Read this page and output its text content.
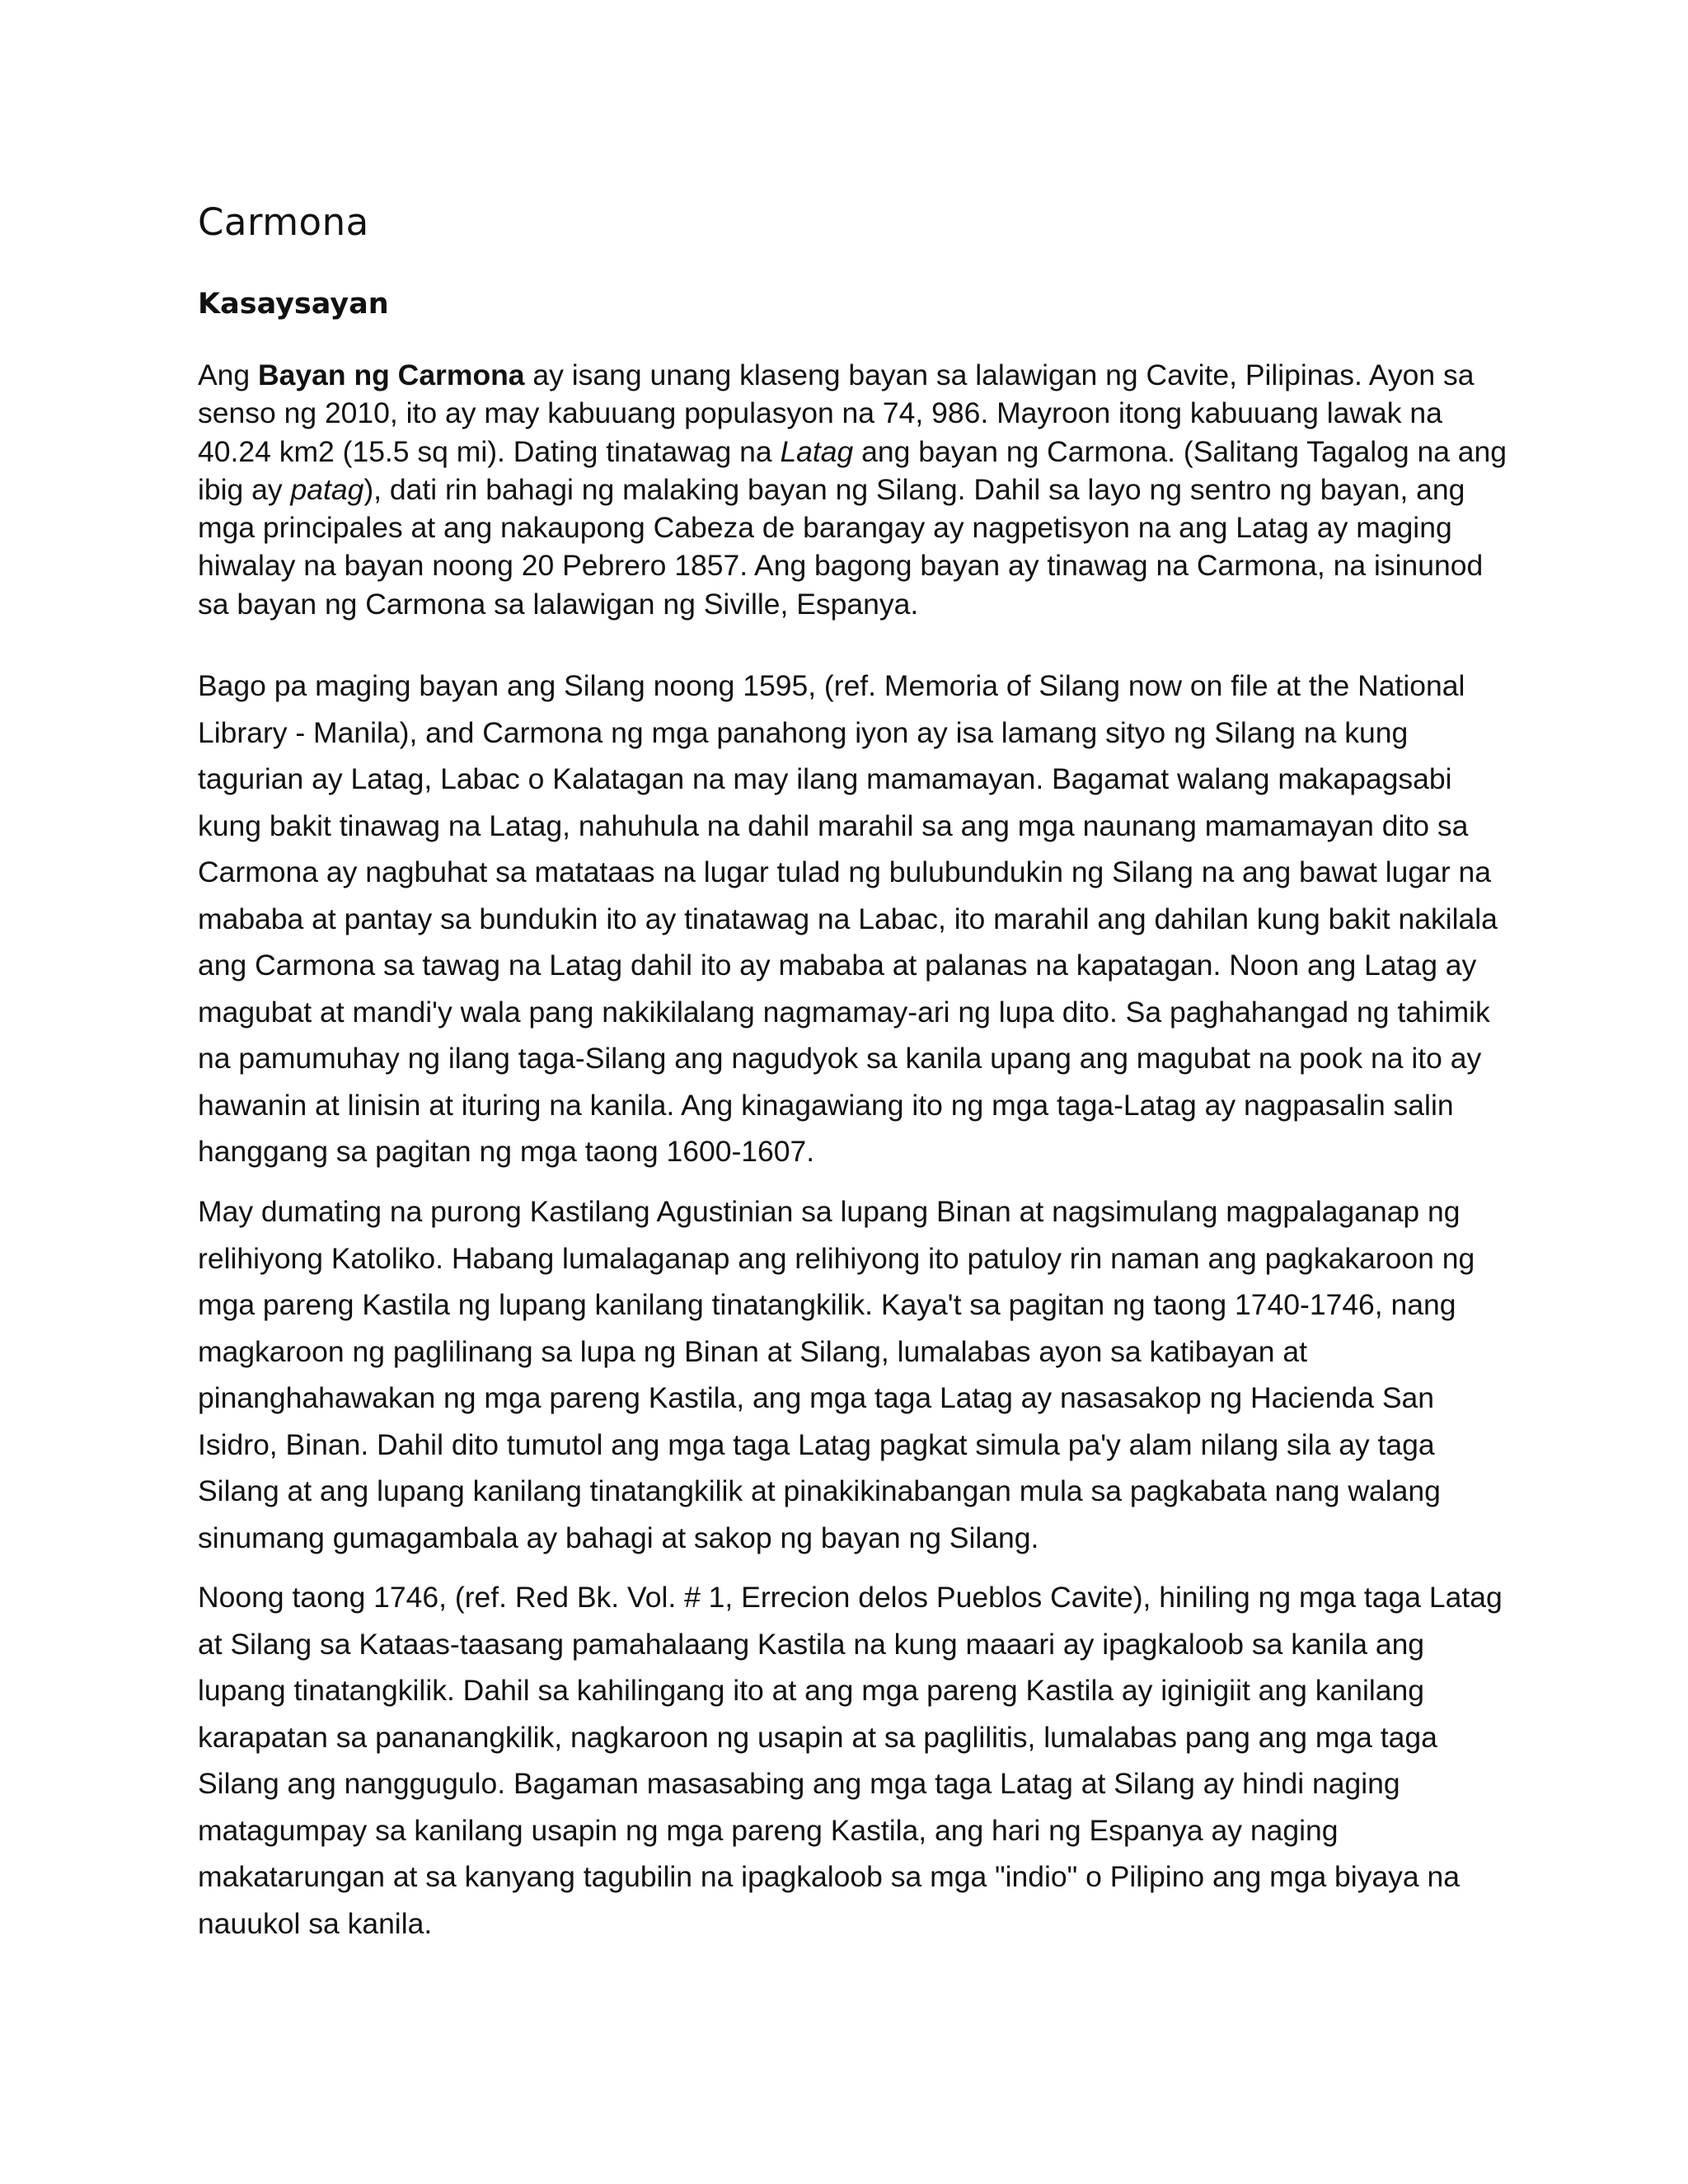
Carmona
Kasaysayan

Ang Bayan ng Carmona ay isang unang klaseng bayan sa lalawigan ng Cavite, Pilipinas. Ayon sa senso ng 2010, ito ay may kabuuang populasyon na 74, 986. Mayroon itong kabuuang lawak na 40.24 km2 (15.5 sq mi). Dating tinatawag na Latag ang bayan ng Carmona. (Salitang Tagalog na ang ibig ay patag), dati rin bahagi ng malaking bayan ng Silang. Dahil sa layo ng sentro ng bayan, ang mga principales at ang nakaupong Cabeza de barangay ay nagpetisyon na ang Latag ay maging hiwalay na bayan noong 20 Pebrero 1857. Ang bagong bayan ay tinawag na Carmona, na isinunod sa bayan ng Carmona sa lalawigan ng Siville, Espanya.

Bago pa maging bayan ang Silang noong 1595, (ref. Memoria of Silang now on file at the National Library - Manila), and Carmona ng mga panahong iyon ay isa lamang sityo ng Silang na kung tagurian ay Latag, Labac o Kalatagan na may ilang mamamayan. Bagamat walang makapagsabi kung bakit tinawag na Latag, nahuhula na dahil marahil sa ang mga naunang mamamayan dito sa Carmona ay nagbuhat sa matataas na lugar tulad ng bulubundukin ng Silang na ang bawat lugar na mababa at pantay sa bundukin ito ay tinatawag na Labac, ito marahil ang dahilan kung bakit nakilala ang Carmona sa tawag na Latag dahil ito ay mababa at palanas na kapatagan. Noon ang Latag ay magubat at mandi'y wala pang nakikilalang nagmamay-ari ng lupa dito. Sa paghahangad ng tahimik na pamumuhay ng ilang taga-Silang ang nagudyok sa kanila upang ang magubat na pook na ito ay hawanin at linisin at ituring na kanila. Ang kinagawiang ito ng mga taga-Latag ay nagpasalin salin hanggang sa pagitan ng mga taong 1600-1607.

May dumating na purong Kastilang Agustinian sa lupang Binan at nagsimulang magpalaganap ng relihiyong Katoliko. Habang lumalaganap ang relihiyong ito patuloy rin naman ang pagkakaroon ng mga pareng Kastila ng lupang kanilang tinatangkilik. Kaya't sa pagitan ng taong 1740-1746, nang magkaroon ng paglilinang sa lupa ng Binan at Silang, lumalabas ayon sa katibayan at pinanghahawakan ng mga pareng Kastila, ang mga taga Latag ay nasasakop ng Hacienda San Isidro, Binan. Dahil dito tumutol ang mga taga Latag pagkat simula pa'y alam nilang sila ay taga Silang at ang lupang kanilang tinatangkilik at pinakikinabangan mula sa pagkabata nang walang sinumang gumagambala ay bahagi at sakop ng bayan ng Silang.

Noong taong 1746, (ref. Red Bk. Vol. # 1, Errecion delos Pueblos Cavite), hiniling ng mga taga Latag at Silang sa Kataas-taasang pamahalaang Kastila na kung maaari ay ipagkaloob sa kanila ang lupang tinatangkilik. Dahil sa kahilingang ito at ang mga pareng Kastila ay iginigiit ang kanilang karapatan sa pananangkilik, nagkaroon ng usapin at sa paglilitis, lumalabas pang ang mga taga Silang ang nanggugulo. Bagaman masasabing ang mga taga Latag at Silang ay hindi naging matagumpay sa kanilang usapin ng mga pareng Kastila, ang hari ng Espanya ay naging makatarungan at sa kanyang tagubilin na ipagkaloob sa mga "indio" o Pilipino ang mga biyaya na nauukol sa kanila.
